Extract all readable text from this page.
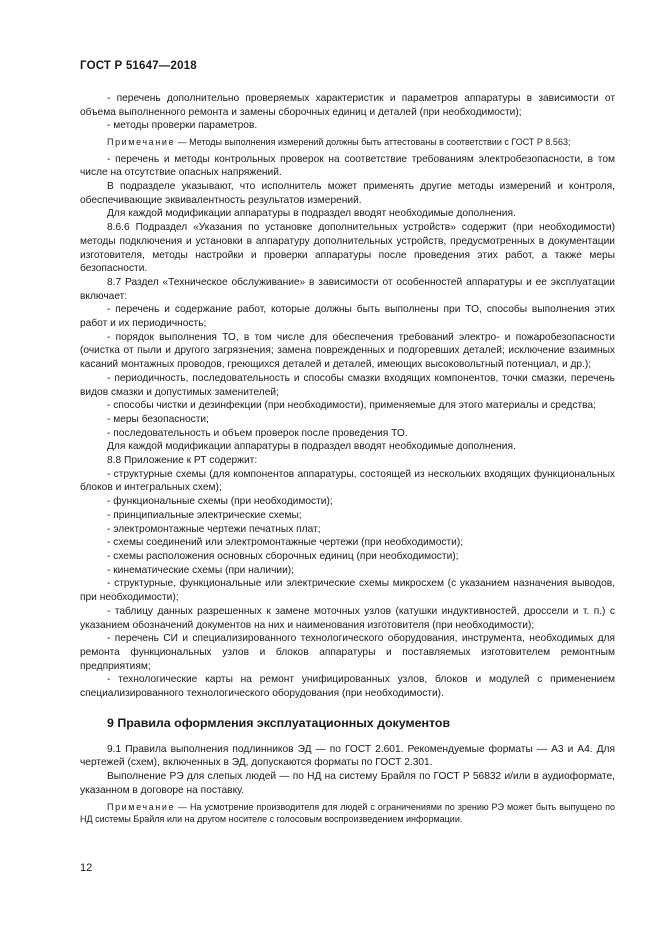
ГОСТ Р 51647—2018
- перечень дополнительно проверяемых характеристик и параметров аппаратуры в зависимости от объема выполненного ремонта и замены сборочных единиц и деталей (при необходимости);
- методы проверки параметров.
Примечание — Методы выполнения измерений должны быть аттестованы в соответствии с ГОСТ Р 8.563;
- перечень и методы контрольных проверок на соответствие требованиям электробезопасности, в том числе на отсутствие опасных напряжений.
В подразделе указывают, что исполнитель может применять другие методы измерений и контроля, обеспечивающие эквивалентность результатов измерений.
Для каждой модификации аппаратуры в подраздел вводят необходимые дополнения.
8.6.6 Подраздел «Указания по установке дополнительных устройств» содержит (при необходимости) методы подключения и установки в аппаратуру дополнительных устройств, предусмотренных в документации изготовителя, методы настройки и проверки аппаратуры после проведения этих работ, а также меры безопасности.
8.7 Раздел «Техническое обслуживание» в зависимости от особенностей аппаратуры и ее эксплуатации включает:
- перечень и содержание работ, которые должны быть выполнены при ТО, способы выполнения этих работ и их периодичность;
- порядок выполнения ТО, в том числе для обеспечения требований электро- и пожаробезопасности (очистка от пыли и другого загрязнения; замена поврежденных и подгоревших деталей; исключение взаимных касаний монтажных проводов, греющихся деталей и деталей, имеющих высоковольтный потенциал, и др.);
- периодичность, последовательность и способы смазки входящих компонентов, точки смазки, перечень видов смазки и допустимых заменителей;
- способы чистки и дезинфекции (при необходимости), применяемые для этого материалы и средства;
- меры безопасности;
- последовательность и объем проверок после проведения ТО.
Для каждой модификации аппаратуры в подраздел вводят необходимые дополнения.
8.8 Приложение к РТ содержит:
- структурные схемы (для компонентов аппаратуры, состоящей из нескольких входящих функциональных блоков и интегральных схем);
- функциональные схемы (при необходимости);
- принципиальные электрические схемы;
- электромонтажные чертежи печатных плат;
- схемы соединений или электромонтажные чертежи (при необходимости);
- схемы расположения основных сборочных единиц (при необходимости);
- кинематические схемы (при наличии);
- структурные, функциональные или электрические схемы микросхем (с указанием назначения выводов, при необходимости);
- таблицу данных разрешенных к замене моточных узлов (катушки индуктивностей, дроссели и т. п.) с указанием обозначений документов на них и наименования изготовителя (при необходимости);
- перечень СИ и специализированного технологического оборудования, инструмента, необходимых для ремонта функциональных узлов и блоков аппаратуры и поставляемых изготовителем ремонтным предприятиям;
- технологические карты на ремонт унифицированных узлов, блоков и модулей с применением специализированного технологического оборудования (при необходимости).
9 Правила оформления эксплуатационных документов
9.1 Правила выполнения подлинников ЭД — по ГОСТ 2.601. Рекомендуемые форматы — А3 и А4. Для чертежей (схем), включенных в ЭД, допускаются форматы по ГОСТ 2.301.
Выполнение РЭ для слепых людей — по НД на систему Брайля по ГОСТ Р 56832 и/или в аудиоформате, указанном в договоре на поставку.
Примечание — На усмотрение производителя для людей с ограничениями по зрению РЭ может быть выпущено по НД системы Брайля или на другом носителе с голосовым воспроизведением информации.
12
